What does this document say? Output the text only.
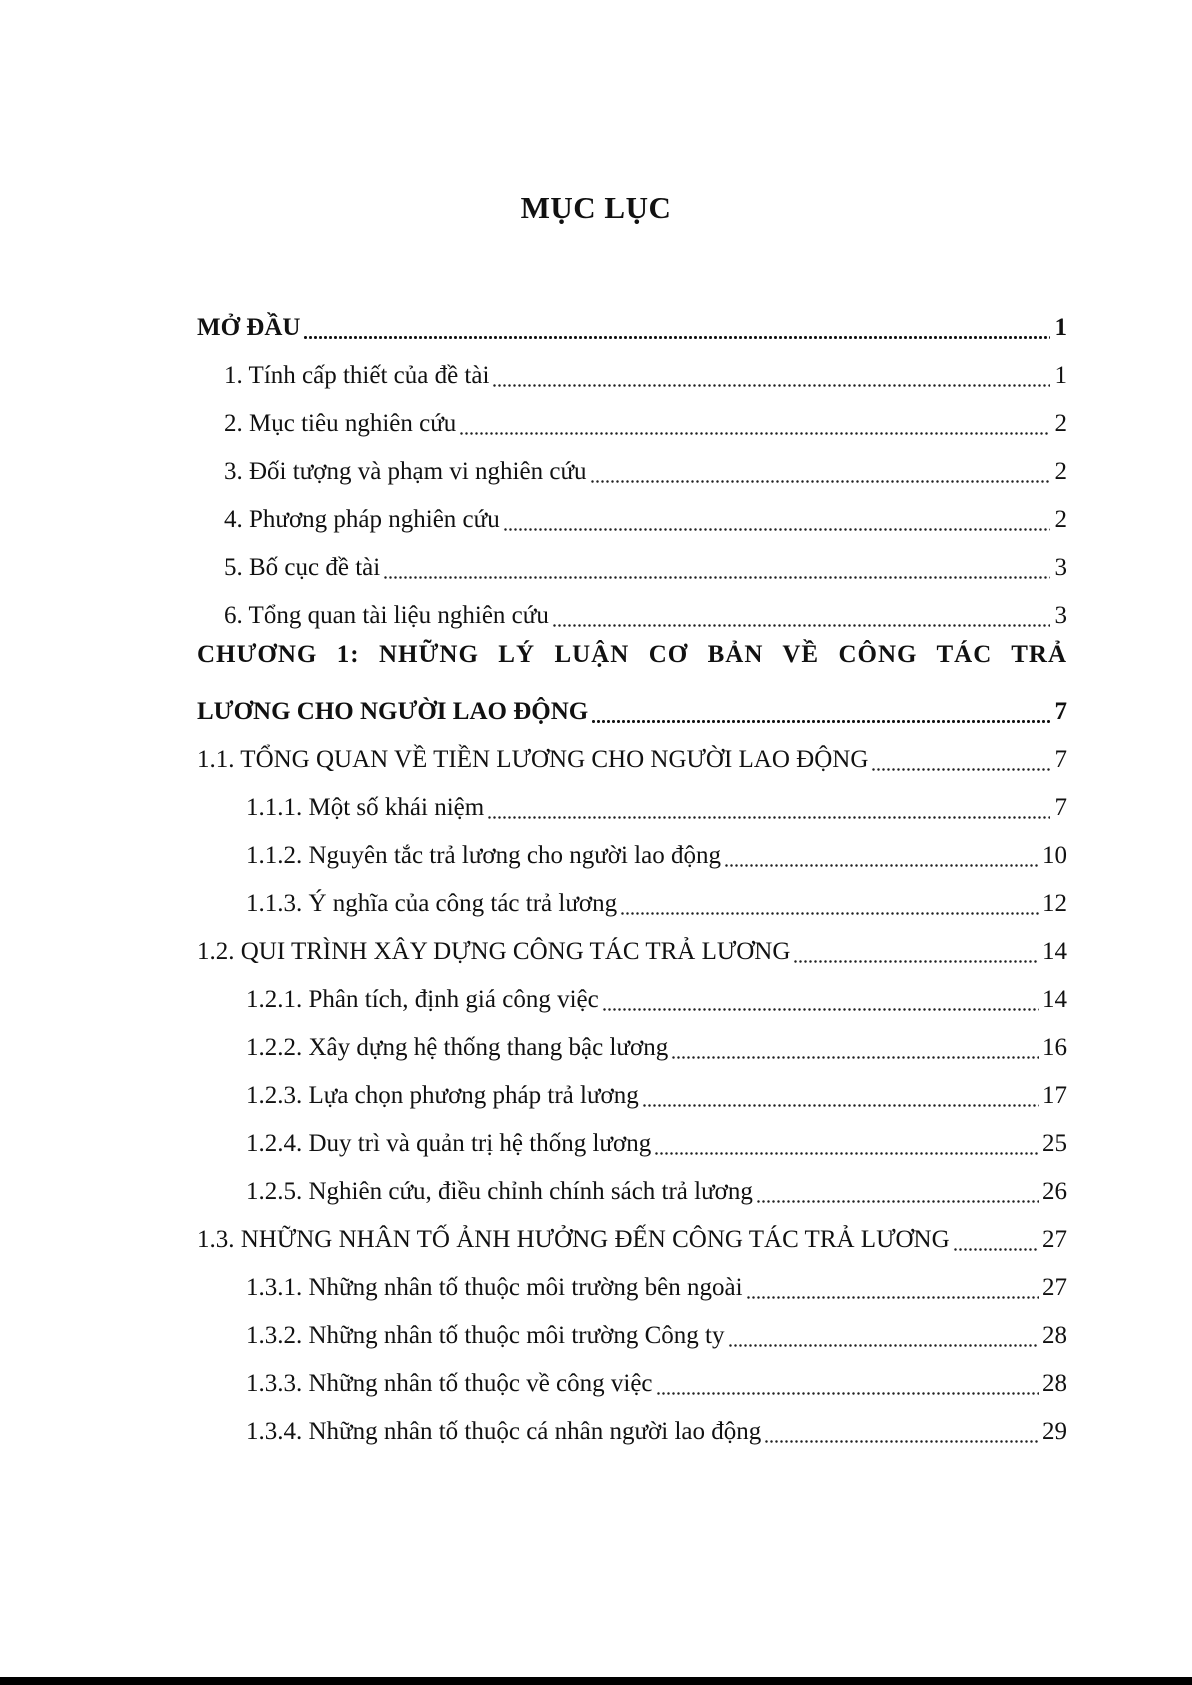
MỤC LỤC
MỞ ĐẦU	1
1. Tính cấp thiết của đề tài	1
2. Mục tiêu nghiên cứu	2
3. Đối tượng và phạm vi nghiên cứu	2
4. Phương pháp nghiên cứu	2
5. Bố cục đề tài	3
6. Tổng quan tài liệu nghiên cứu	3
CHƯƠNG 1: NHỮNG LÝ LUẬN CƠ BẢN VỀ CÔNG TÁC TRẢ
LƯƠNG CHO NGƯỜI LAO ĐỘNG	7
1.1. TỔNG QUAN VỀ TIỀN LƯƠNG CHO NGƯỜI LAO ĐỘNG	7
1.1.1. Một số khái niệm	7
1.1.2. Nguyên tắc trả lương cho người lao động	10
1.1.3. Ý nghĩa của công tác trả lương	12
1.2. QUI TRÌNH XÂY DỰNG CÔNG TÁC TRẢ LƯƠNG	14
1.2.1. Phân tích, định giá công việc	14
1.2.2. Xây dựng hệ thống thang bậc lương	16
1.2.3. Lựa chọn phương pháp trả lương	17
1.2.4. Duy trì và quản trị hệ thống lương	25
1.2.5. Nghiên cứu, điều chỉnh chính sách trả lương	26
1.3. NHỮNG NHÂN TỐ ẢNH HƯỞNG ĐẾN CÔNG TÁC TRẢ LƯƠNG	27
1.3.1. Những nhân tố thuộc môi trường bên ngoài	27
1.3.2. Những nhân tố thuộc môi trường Công ty	28
1.3.3. Những nhân tố thuộc về công việc	28
1.3.4. Những nhân tố thuộc cá nhân người lao động	29
